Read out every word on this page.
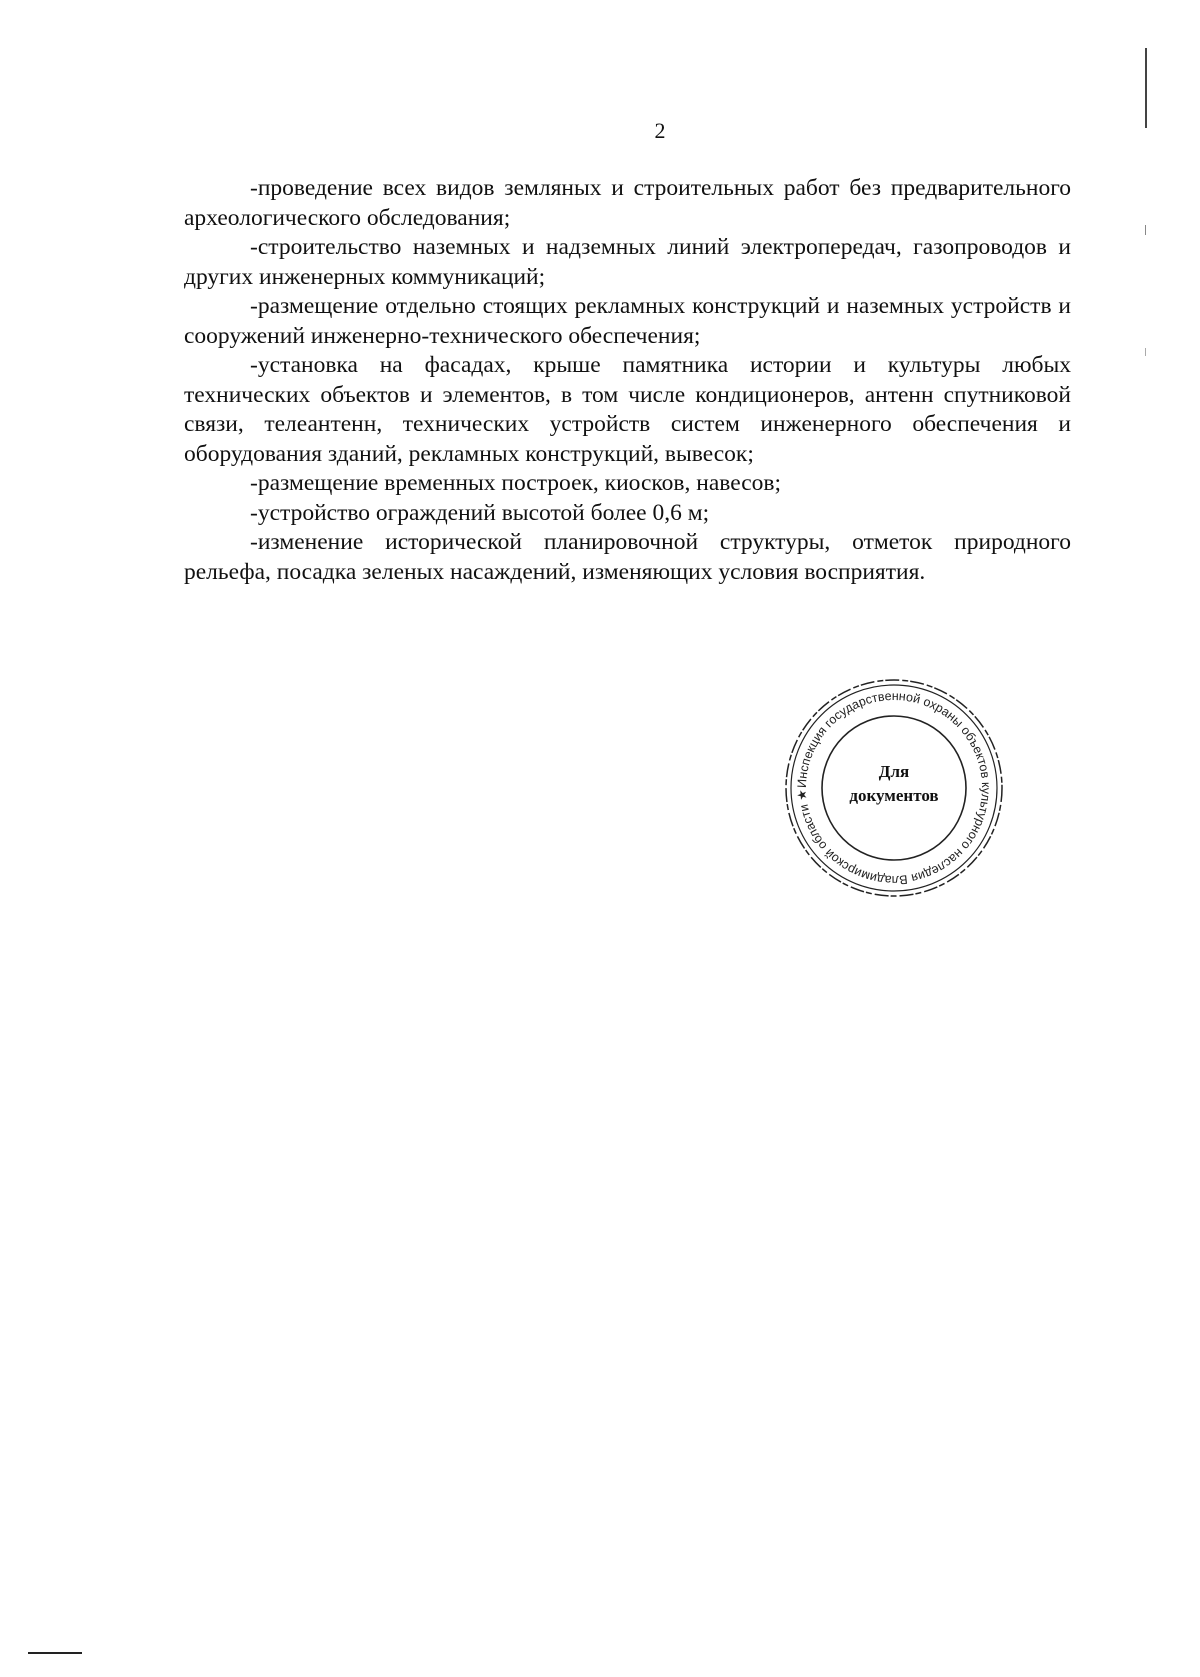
2

-проведение всех видов земляных и строительных работ без предварительного археологического обследования;

-строительство наземных и надземных линий электропередач, газопроводов и других инженерных коммуникаций;

-размещение отдельно стоящих рекламных конструкций и наземных устройств и сооружений инженерно-технического обеспечения;

-установка на фасадах, крыше памятника истории и культуры любых технических объектов и элементов, в том числе кондиционеров, антенн спутниковой связи, телеантенн, технических устройств систем инженерного обеспечения и оборудования зданий, рекламных конструкций, вывесок;

-размещение временных построек, киосков, навесов;

-устройство ограждений высотой более 0,6 м;

-изменение исторической планировочной структуры, отметок природного рельефа, посадка зеленых насаждений, изменяющих условия восприятия.

Инспекция государственной охраны объектов культурного наследия Владимирской области ★
Для
документов
